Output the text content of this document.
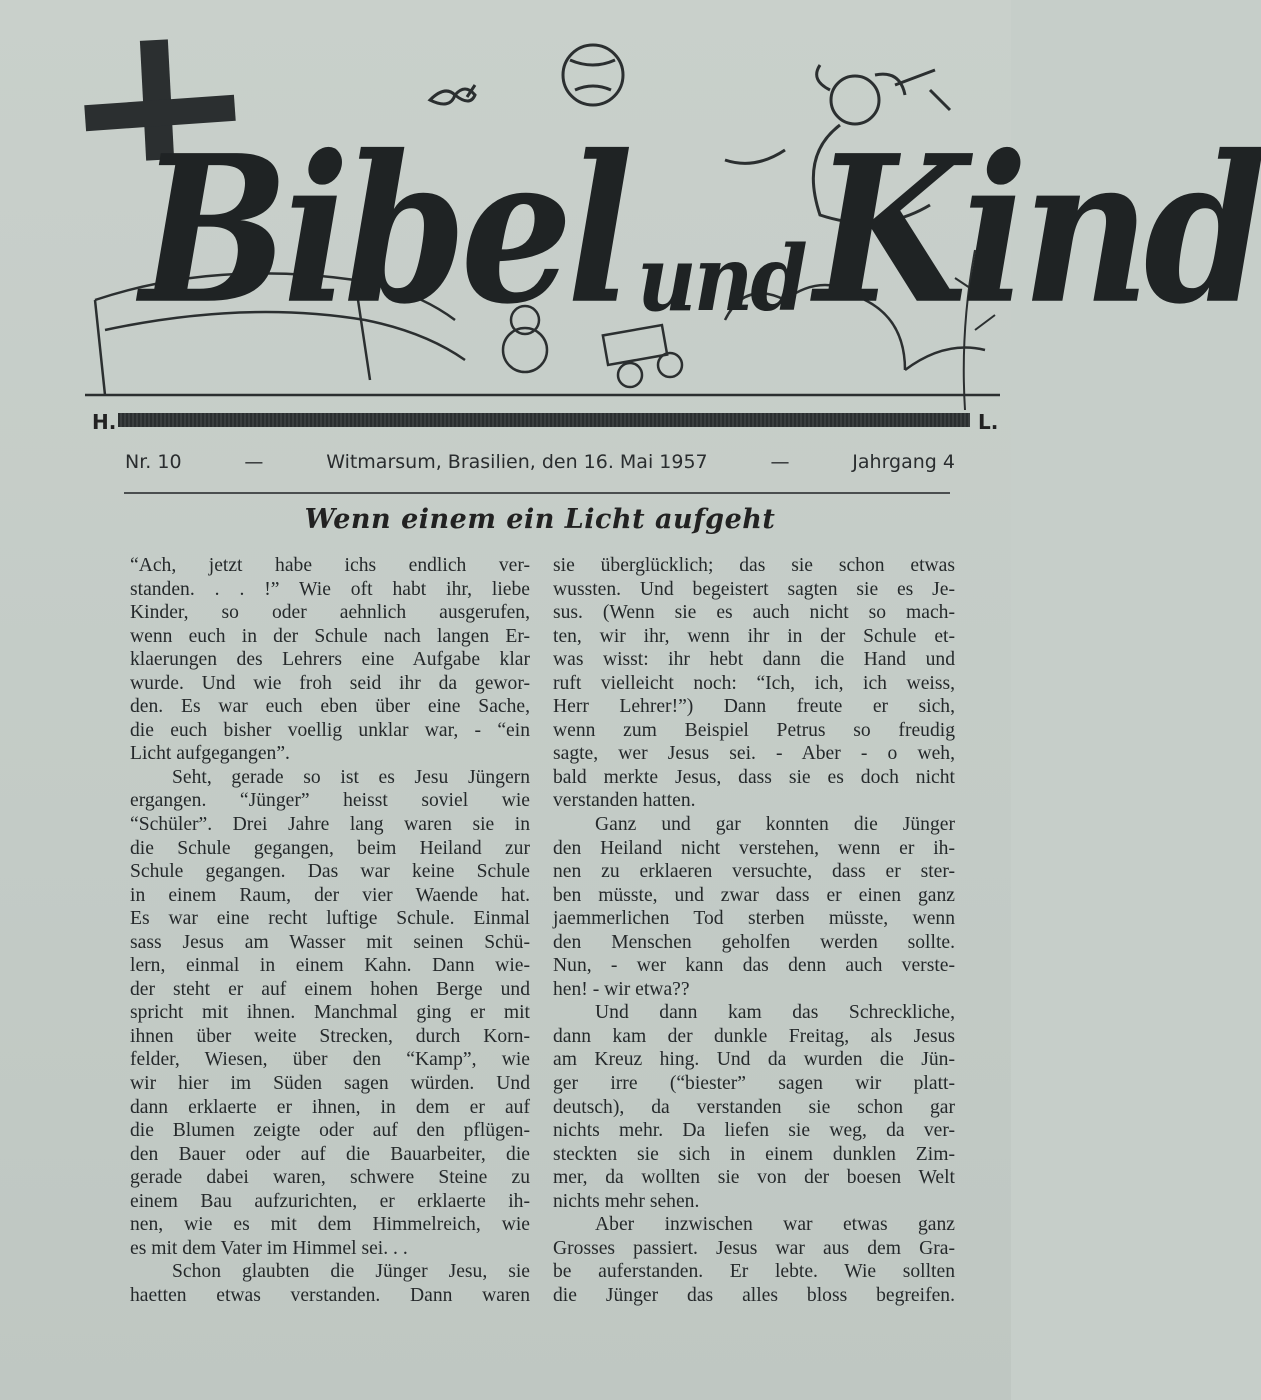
Bibel und Kind
H.	L.
Nr. 10	—	Witmarsum, Brasilien, den 16. Mai 1957	—	Jahrgang 4
Wenn einem ein Licht aufgeht
“Ach, jetzt habe ichs endlich ver-
standen. . . !” Wie oft habt ihr, liebe
Kinder, so oder aehnlich ausgerufen,
wenn euch in der Schule nach langen Er-
klaerungen des Lehrers eine Aufgabe klar
wurde. Und wie froh seid ihr da gewor-
den. Es war euch eben über eine Sache,
die euch bisher voellig unklar war, - “ein
Licht aufgegangen”.
Seht, gerade so ist es Jesu Jüngern
ergangen. “Jünger” heisst soviel wie
“Schüler”. Drei Jahre lang waren sie in
die Schule gegangen, beim Heiland zur
Schule gegangen. Das war keine Schule
in einem Raum, der vier Waende hat.
Es war eine recht luftige Schule. Einmal
sass Jesus am Wasser mit seinen Schü-
lern, einmal in einem Kahn. Dann wie-
der steht er auf einem hohen Berge und
spricht mit ihnen. Manchmal ging er mit
ihnen über weite Strecken, durch Korn-
felder, Wiesen, über den “Kamp”, wie
wir hier im Süden sagen würden. Und
dann erklaerte er ihnen, in dem er auf
die Blumen zeigte oder auf den pflügen-
den Bauer oder auf die Bauarbeiter, die
gerade dabei waren, schwere Steine zu
einem Bau aufzurichten, er erklaerte ih-
nen, wie es mit dem Himmelreich, wie
es mit dem Vater im Himmel sei. . .
Schon glaubten die Jünger Jesu, sie
haetten etwas verstanden. Dann waren
sie überglücklich; das sie schon etwas
wussten. Und begeistert sagten sie es Je-
sus. (Wenn sie es auch nicht so mach-
ten, wir ihr, wenn ihr in der Schule et-
was wisst: ihr hebt dann die Hand und
ruft vielleicht noch: “Ich, ich, ich weiss,
Herr Lehrer!”) Dann freute er sich,
wenn zum Beispiel Petrus so freudig
sagte, wer Jesus sei. - Aber - o weh,
bald merkte Jesus, dass sie es doch nicht
verstanden hatten.
Ganz und gar konnten die Jünger
den Heiland nicht verstehen, wenn er ih-
nen zu erklaeren versuchte, dass er ster-
ben müsste, und zwar dass er einen ganz
jaemmerlichen Tod sterben müsste, wenn
den Menschen geholfen werden sollte.
Nun, - wer kann das denn auch verste-
hen! - wir etwa??
Und dann kam das Schreckliche,
dann kam der dunkle Freitag, als Jesus
am Kreuz hing. Und da wurden die Jün-
ger irre (“biester” sagen wir platt-
deutsch), da verstanden sie schon gar
nichts mehr. Da liefen sie weg, da ver-
steckten sie sich in einem dunklen Zim-
mer, da wollten sie von der boesen Welt
nichts mehr sehen.
Aber inzwischen war etwas ganz
Grosses passiert. Jesus war aus dem Gra-
be auferstanden. Er lebte. Wie sollten
die Jünger das alles bloss begreifen.
